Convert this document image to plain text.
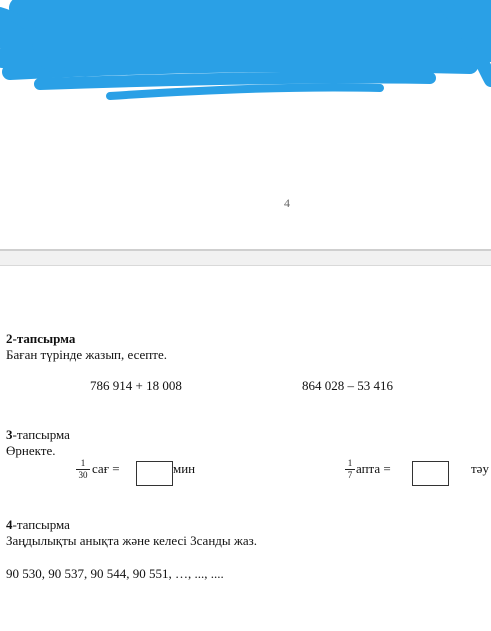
450 000
b) Кіш
c) Үлкен сан
4
2-тапсырма
Баған түрінде жазып, есепте.
786 914 + 18 008	864 028 – 53 416
3-тапсырма
Өрнекте.
1
30 сағ =	мин	1
7 апта =	тәу
4-тапсырма
Заңдылықты анықта және келесі 3санды жаз.
90 530, 90 537, 90 544, 90 551, …, ..., ....
